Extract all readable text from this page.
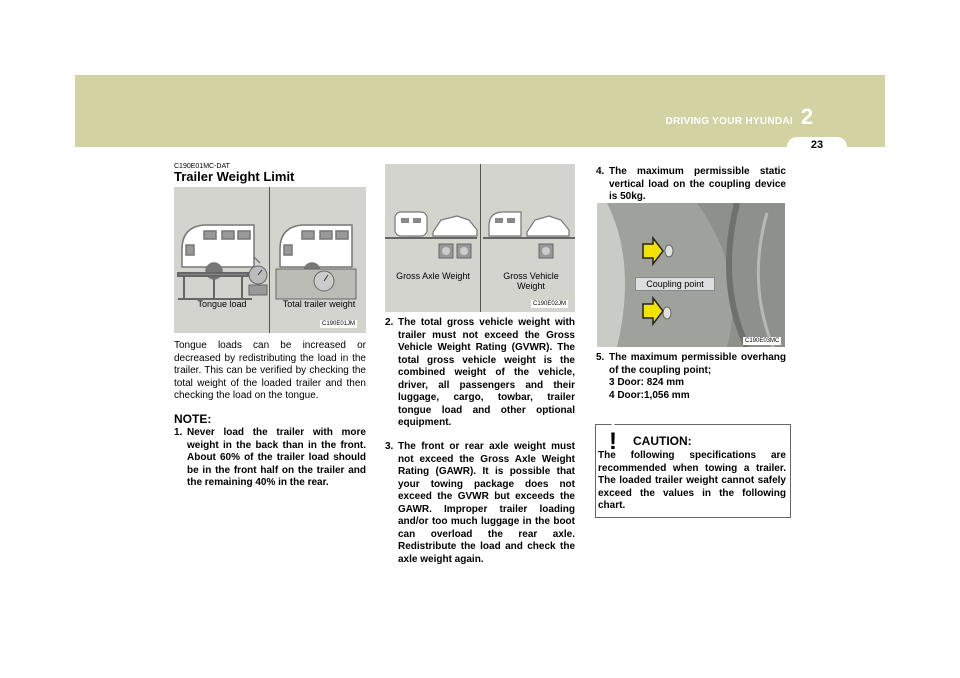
DRIVING YOUR HYUNDAI 2
23
C190E01MC-DAT
Trailer Weight Limit
Tongue load	Total trailer weight
C190E01JM
Tongue loads can be increased or decreased by redistributing the load in the trailer. This can be verified by checking the total weight of the loaded trailer and then checking the load on the tongue.
NOTE:
1. Never load the trailer with more weight in the back than in the front. About 60% of the trailer load should be in the front half on the trailer and the remaining 40% in the rear.
Gross Axle Weight	Gross Vehicle Weight
C190E02JM
2. The total gross vehicle weight with trailer must not exceed the Gross Vehicle Weight Rating (GVWR). The total gross vehicle weight is the combined weight of the vehicle, driver, all passengers and their luggage, cargo, towbar, trailer tongue load and other optional equipment.
3. The front or rear axle weight must not exceed the Gross Axle Weight Rating (GAWR). It is possible that your towing package does not exceed the GVWR but exceeds the GAWR. Improper trailer loading and/or too much luggage in the boot can overload the rear axle. Redistribute the load and check the axle weight again.
4. The maximum permissible static vertical load on the coupling device is 50kg.
Coupling point
C190E03MC
5. The maximum permissible overhang of the coupling point;
3 Door: 824 mm
4 Door:1,056 mm
! CAUTION:
The following specifications are recommended when towing a trailer. The loaded trailer weight cannot safely exceed the values in the following chart.
